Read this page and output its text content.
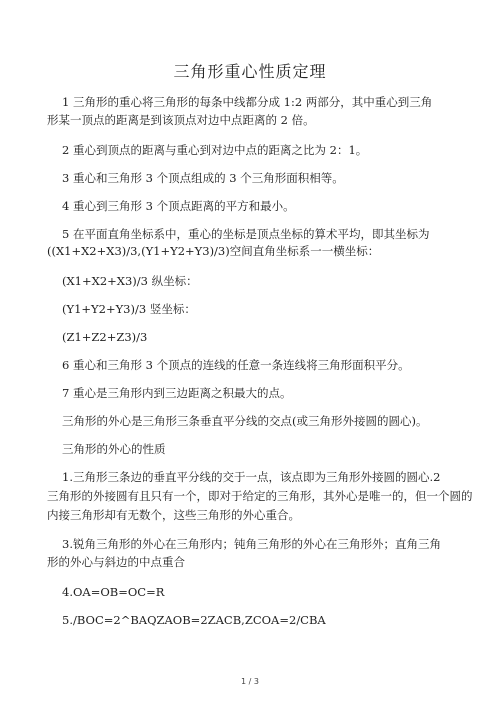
三角形重心性质定理
1 三角形的重心将三角形的每条中线都分成 1:2 两部分，其中重心到三角
形某一顶点的距离是到该顶点对边中点距离的 2 倍。
2 重心到顶点的距离与重心到对边中点的距离之比为 2：1。
3 重心和三角形 3 个顶点组成的 3 个三角形面积相等。
4 重心到三角形 3 个顶点距离的平方和最小。
5 在平面直角坐标系中，重心的坐标是顶点坐标的算术平均，即其坐标为
((X1+X2+X3)/3,(Y1+Y2+Y3)/3)空间直角坐标系一一横坐标：
(X1+X2+X3)/3 纵坐标：
(Y1+Y2+Y3)/3 竖坐标：
(Z1+Z2+Z3)/3
6 重心和三角形 3 个顶点的连线的任意一条连线将三角形面积平分。
7 重心是三角形内到三边距离之积最大的点。
三角形的外心是三角形三条垂直平分线的交点(或三角形外接圆的圆心)。
三角形的外心的性质
1.三角形三条边的垂直平分线的交于一点，该点即为三角形外接圆的圆心.2
三角形的外接圆有且只有一个，即对于给定的三角形，其外心是唯一的，但一个圆的
内接三角形却有无数个，这些三角形的外心重合。
3.锐角三角形的外心在三角形内；钝角三角形的外心在三角形外；直角三角
形的外心与斜边的中点重合
4.OA=OB=OC=R
5./BOC=2^BAQZAOB=2ZACB,ZCOA=2/CBA
1 / 3
